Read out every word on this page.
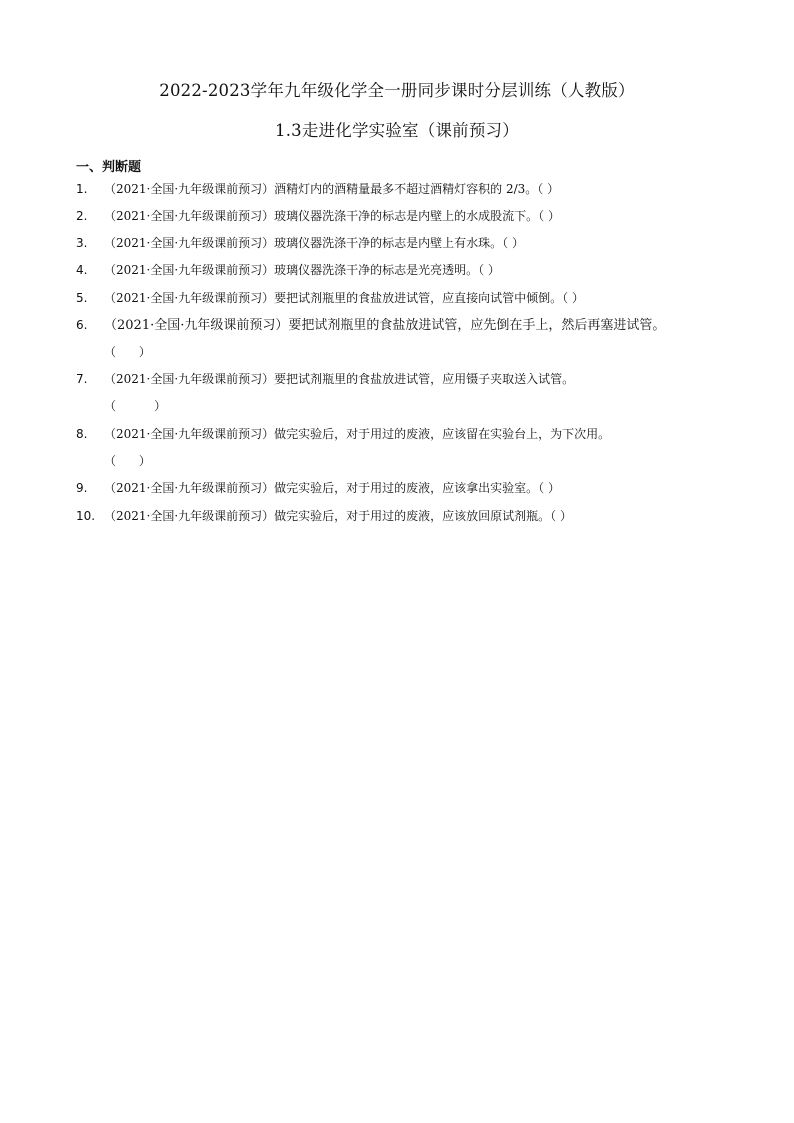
2022-2023学年九年级化学全一册同步课时分层训练（人教版）
1.3走进化学实验室（课前预习）
一、判断题
1. （2021·全国·九年级课前预习）酒精灯内的酒精量最多不超过酒精灯容积的 2/3。（ ）
2. （2021·全国·九年级课前预习）玻璃仪器洗涤干净的标志是内壁上的水成股流下。（ ）
3. （2021·全国·九年级课前预习）玻璃仪器洗涤干净的标志是内壁上有水珠。（ ）
4. （2021·全国·九年级课前预习）玻璃仪器洗涤干净的标志是光亮透明。（ ）
5. （2021·全国·九年级课前预习）要把试剂瓶里的食盐放进试管，应直接向试管中倾倒。（ ）
6. （2021·全国·九年级课前预习）要把试剂瓶里的食盐放进试管，应先倒在手上，然后再塞进试管。
（      ）
7. （2021·全国·九年级课前预习）要把试剂瓶里的食盐放进试管，应用镊子夹取送入试管。
（          ）
8. （2021·全国·九年级课前预习）做完实验后，对于用过的废液，应该留在实验台上，为下次用。
（      ）
9. （2021·全国·九年级课前预习）做完实验后，对于用过的废液，应该拿出实验室。（ ）
10. （2021·全国·九年级课前预习）做完实验后，对于用过的废液，应该放回原试剂瓶。（ ）
